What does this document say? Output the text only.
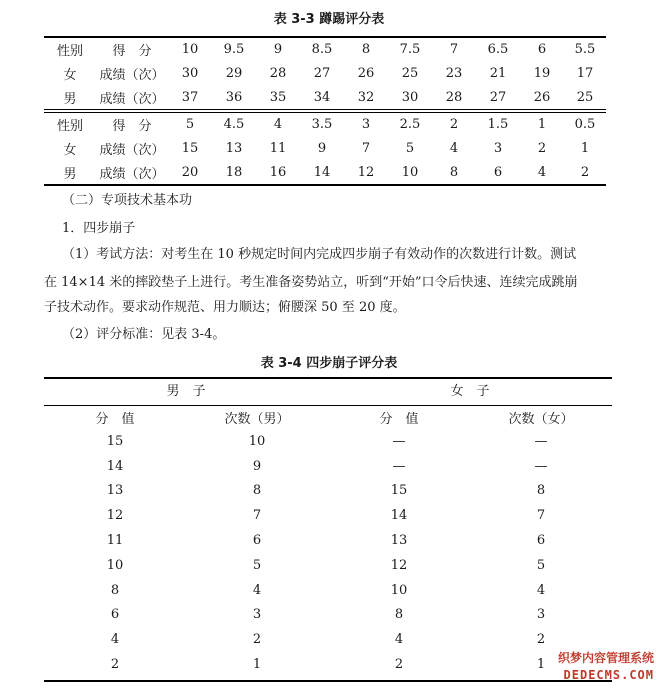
表 3-3 蹲踢评分表
性别	得　分	10	9.5	9	8.5	8	7.5	7	6.5	6	5.5
女	成绩（次）	30	29	28	27	26	25	23	21	19	17
男	成绩（次）	37	36	35	34	32	30	28	27	26	25
性别	得　分	5	4.5	4	3.5	3	2.5	2	1.5	1	0.5
女	成绩（次）	15	13	11	9	7	5	4	3	2	1
男	成绩（次）	20	18	16	14	12	10	8	6	4	2
（二）专项技术基本功
1．四步崩子
（1）考试方法：对考生在 10 秒规定时间内完成四步崩子有效动作的次数进行计数。测试
在 14×14 米的摔跤垫子上进行。考生准备姿势站立，听到“开始”口令后快速、连续完成跳崩
子技术动作。要求动作规范、用力顺达；俯腰深 50 至 20 度。
（2）评分标准：见表 3-4。
表 3-4 四步崩子评分表
男　子	女　子
分　值	次数（男）	分　值	次数（女）
15	10	—	—
14	9	—	—
13	8	15	8
12	7	14	7
11	6	13	6
10	5	12	5
8	4	10	4
6	3	8	3
4	2	4	2
2	1	2	1 织梦内容管理系统
DEDECMS.COM
